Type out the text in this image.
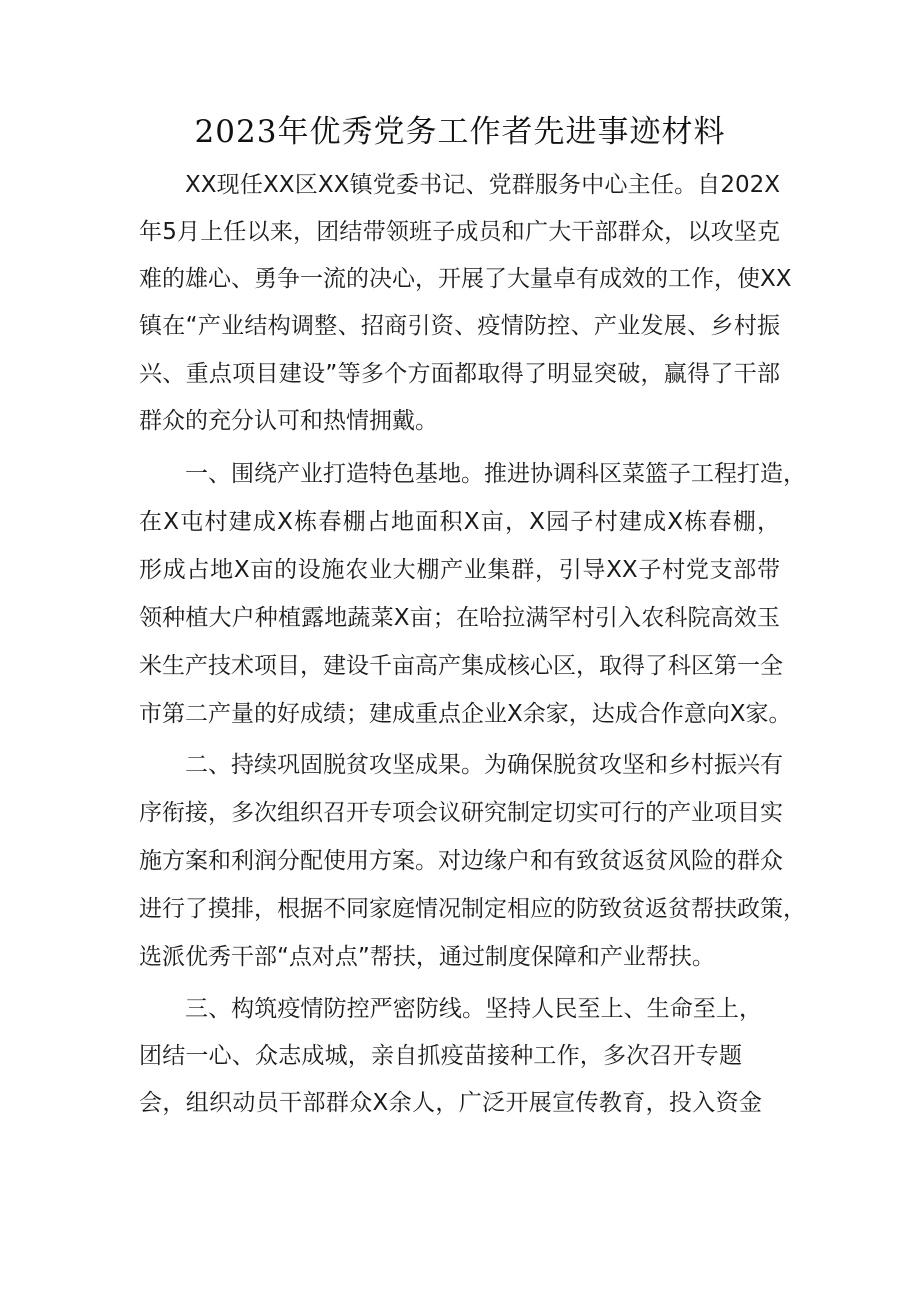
2023年优秀党务工作者先进事迹材料
XX现任XX区XX镇党委书记、党群服务中心主任。自202X
年5月上任以来，团结带领班子成员和广大干部群众，以攻坚克
难的雄心、勇争一流的决心，开展了大量卓有成效的工作，使XX
镇在“产业结构调整、招商引资、疫情防控、产业发展、乡村振
兴、重点项目建设”等多个方面都取得了明显突破，赢得了干部
群众的充分认可和热情拥戴。
一、围绕产业打造特色基地。推进协调科区菜篮子工程打造，
在X屯村建成X栋春棚占地面积X亩，X园子村建成X栋春棚，
形成占地X亩的设施农业大棚产业集群，引导XX子村党支部带
领种植大户种植露地蔬菜X亩；在哈拉满罕村引入农科院高效玉
米生产技术项目，建设千亩高产集成核心区，取得了科区第一全
市第二产量的好成绩；建成重点企业X余家，达成合作意向X家。
二、持续巩固脱贫攻坚成果。为确保脱贫攻坚和乡村振兴有
序衔接，多次组织召开专项会议研究制定切实可行的产业项目实
施方案和利润分配使用方案。对边缘户和有致贫返贫风险的群众
进行了摸排，根据不同家庭情况制定相应的防致贫返贫帮扶政策，
选派优秀干部“点对点”帮扶，通过制度保障和产业帮扶。
三、构筑疫情防控严密防线。坚持人民至上、生命至上，
团结一心、众志成城，亲自抓疫苗接种工作，多次召开专题
会，组织动员干部群众X余人，广泛开展宣传教育，投入资金
